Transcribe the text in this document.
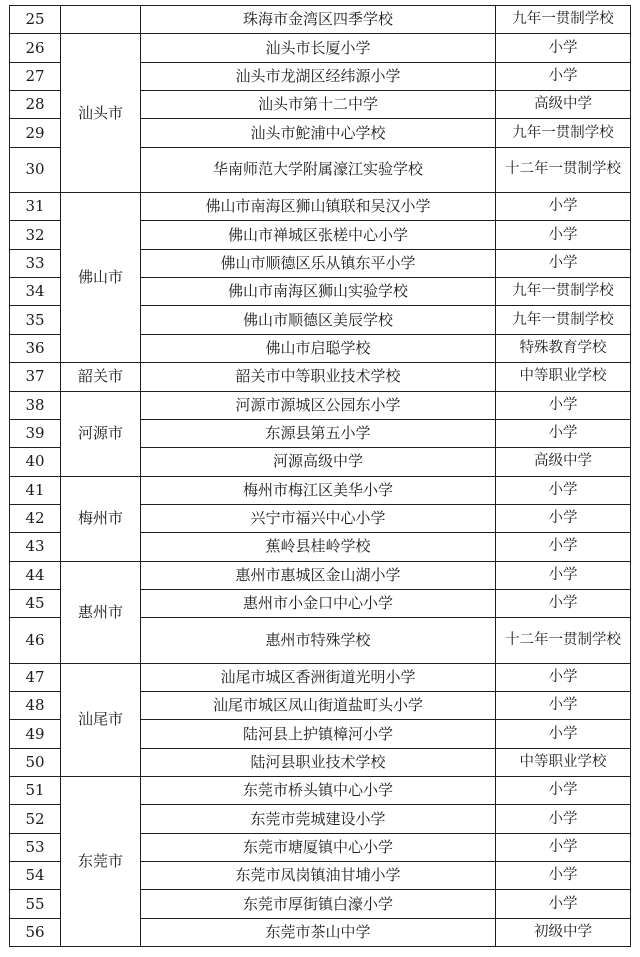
25		珠海市金湾区四季学校	九年一贯制学校
26	汕头市	汕头市长厦小学	小学
27		汕头市龙湖区经纬源小学	小学
28		汕头市第十二中学	高级中学
29		汕头市鮀浦中心学校	九年一贯制学校
30		华南师范大学附属濠江实验学校	十二年一贯制学校
31	佛山市	佛山市南海区狮山镇联和吴汉小学	小学
32		佛山市禅城区张槎中心小学	小学
33		佛山市顺德区乐从镇东平小学	小学
34		佛山市南海区狮山实验学校	九年一贯制学校
35		佛山市顺德区美辰学校	九年一贯制学校
36		佛山市启聪学校	特殊教育学校
37	韶关市	韶关市中等职业技术学校	中等职业学校
38	河源市	河源市源城区公园东小学	小学
39		东源县第五小学	小学
40		河源高级中学	高级中学
41	梅州市	梅州市梅江区美华小学	小学
42		兴宁市福兴中心小学	小学
43		蕉岭县桂岭学校	小学
44	惠州市	惠州市惠城区金山湖小学	小学
45		惠州市小金口中心小学	小学
46		惠州市特殊学校	十二年一贯制学校
47	汕尾市	汕尾市城区香洲街道光明小学	小学
48		汕尾市城区凤山街道盐町头小学	小学
49		陆河县上护镇樟河小学	小学
50		陆河县职业技术学校	中等职业学校
51	东莞市	东莞市桥头镇中心小学	小学
52		东莞市莞城建设小学	小学
53		东莞市塘厦镇中心小学	小学
54		东莞市凤岗镇油甘埔小学	小学
55		东莞市厚街镇白濠小学	小学
56		东莞市茶山中学	初级中学
